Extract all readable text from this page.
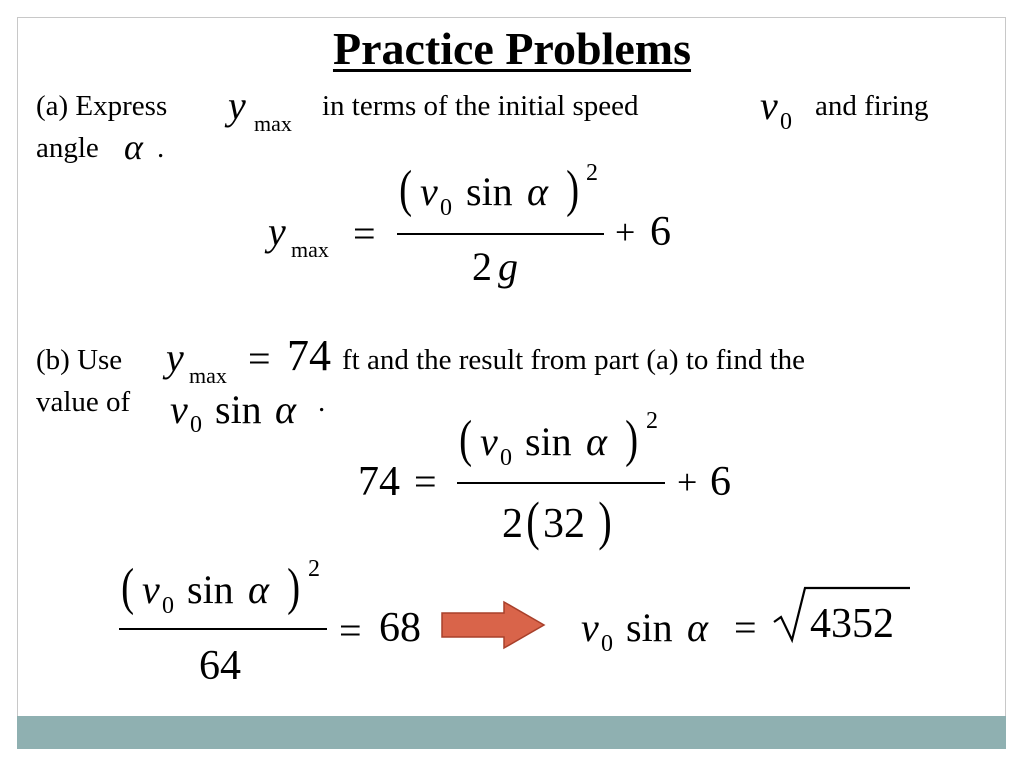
Practice Problems
(a) Express y max
in terms of the initial speed	v 0 and firing
angle α .
y max =
( v 0 sin α ) 2
2 g
+ 6
(b) Use y max = 74 ft and the result from part (a) to find the
value of v 0 sin α .
74 =
( v 0 sin α ) 2
2 ( 32 )
+ 6
( v 0 sin α ) 2
64
= 68	v 0 sin α = 4352
